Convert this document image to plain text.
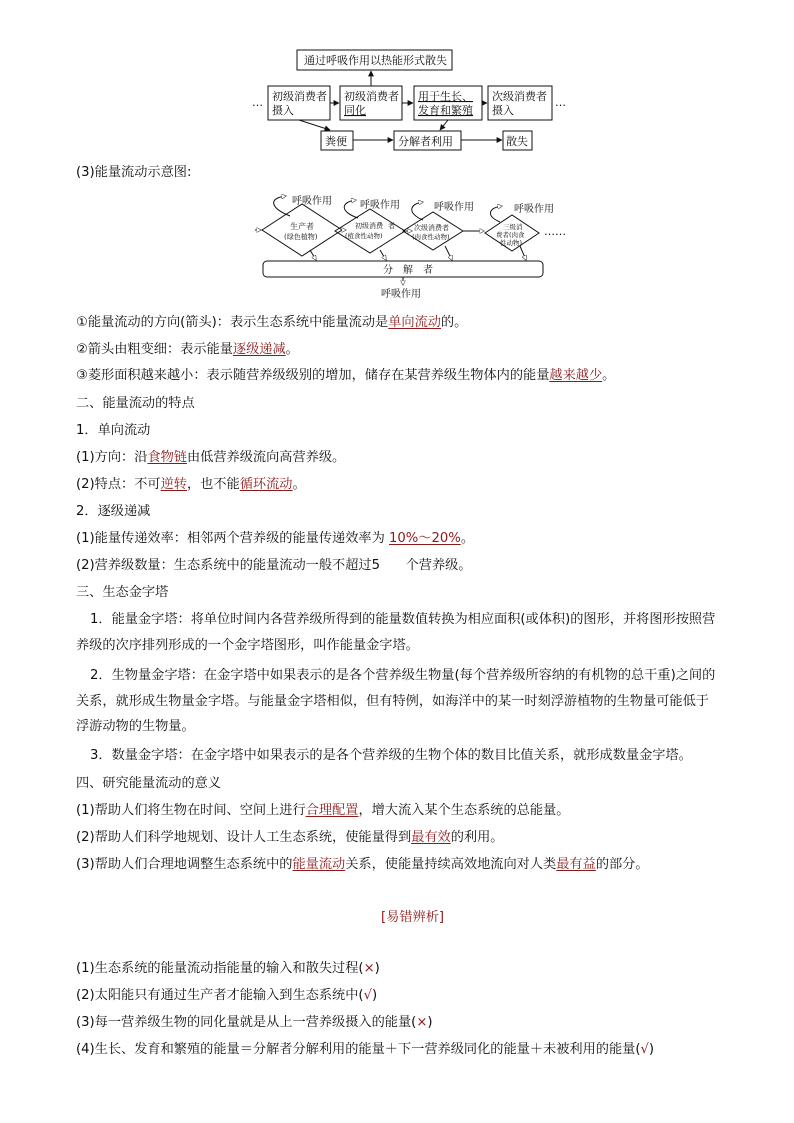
通过呼吸作用以热能形式散失
初级消费者
摄入
初级消费者
同化
用于生长、
发育和繁殖
次级消费者
摄入
粪便	分解者利用	散失
…	…
(3)能量流动示意图:
呼吸作用	呼吸作用	呼吸作用	呼吸作用
生产者
(绿色植物)
初级消费 者
(植食性动物)
次级消费者
(肉食性动物)
三级消
费者(肉食
性动物)
分　解　者
呼吸作用
……
①能量流动的方向(箭头)：表示生态系统中能量流动是单向流动的。
②箭头由粗变细：表示能量逐级递减。
③菱形面积越来越小：表示随营养级级别的增加，储存在某营养级生物体内的能量越来越少。
二、能量流动的特点
1．单向流动
(1)方向：沿食物链由低营养级流向高营养级。
(2)特点：不可逆转，也不能循环流动。
2．逐级递减
(1)能量传递效率：相邻两个营养级的能量传递效率为 10%～20%。
(2)营养级数量：生态系统中的能量流动一般不超过5 个营养级。
三、生态金字塔
1．能量金字塔：将单位时间内各营养级所得到的能量数值转换为相应面积(或体积)的图形，并将图形按照营养级的次序排列形成的一个金字塔图形，叫作能量金字塔。
2．生物量金字塔：在金字塔中如果表示的是各个营养级生物量(每个营养级所容纳的有机物的总干重)之间的关系，就形成生物量金字塔。与能量金字塔相似，但有特例，如海洋中的某一时刻浮游植物的生物量可能低于浮游动物的生物量。
3．数量金字塔：在金字塔中如果表示的是各个营养级的生物个体的数目比值关系，就形成数量金字塔。
四、研究能量流动的意义
(1)帮助人们将生物在时间、空间上进行合理配置，增大流入某个生态系统的总能量。
(2)帮助人们科学地规划、设计人工生态系统，使能量得到最有效的利用。
(3)帮助人们合理地调整生态系统中的能量流动关系，使能量持续高效地流向对人类最有益的部分。
[易错辨析]
(1)生态系统的能量流动指能量的输入和散失过程(×)
(2)太阳能只有通过生产者才能输入到生态系统中(√)
(3)每一营养级生物的同化量就是从上一营养级摄入的能量(×)
(4)生长、发育和繁殖的能量＝分解者分解利用的能量＋下一营养级同化的能量＋未被利用的能量(√)
